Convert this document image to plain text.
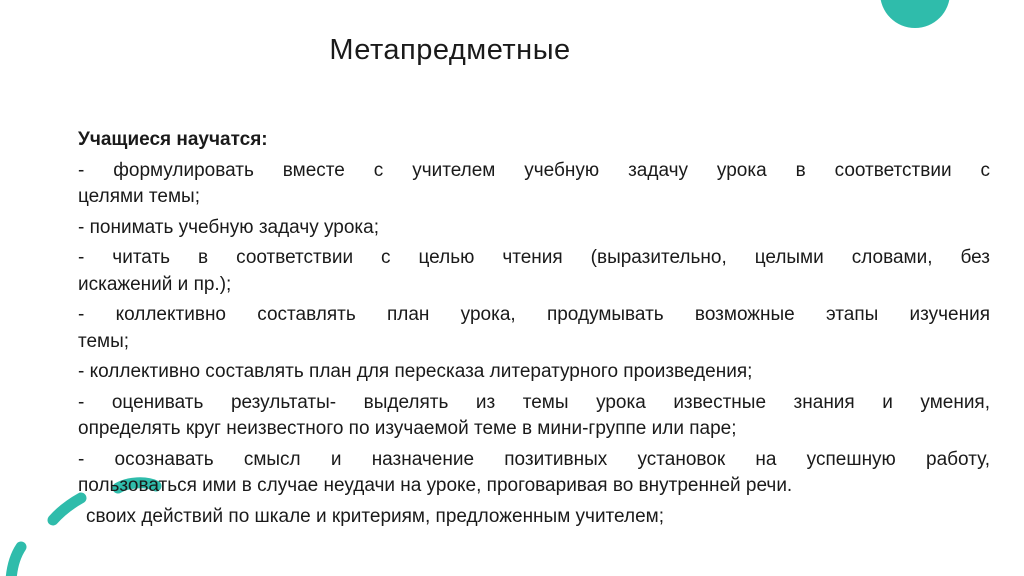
Метапредметные

Учащиеся научатся:

- формулировать вместе с учителем учебную задачу урока в соответствии с
целями темы;

- понимать учебную задачу урока;

- читать в соответствии с целью чтения (выразительно, целыми словами, без
искажений и пр.);

- коллективно составлять план урока, продумывать возможные этапы изучения
темы;

- коллективно составлять план для пересказа литературного произведения;

- оценивать результаты- выделять из темы урока известные знания и умения,
определять круг неизвестного по изучаемой теме в мини-группе или паре;

- осознавать смысл и назначение позитивных установок на успешную работу,
пользоваться ими в случае неудачи на уроке, проговаривая во внутренней речи.

своих действий по шкале и критериям, предложенным учителем;
